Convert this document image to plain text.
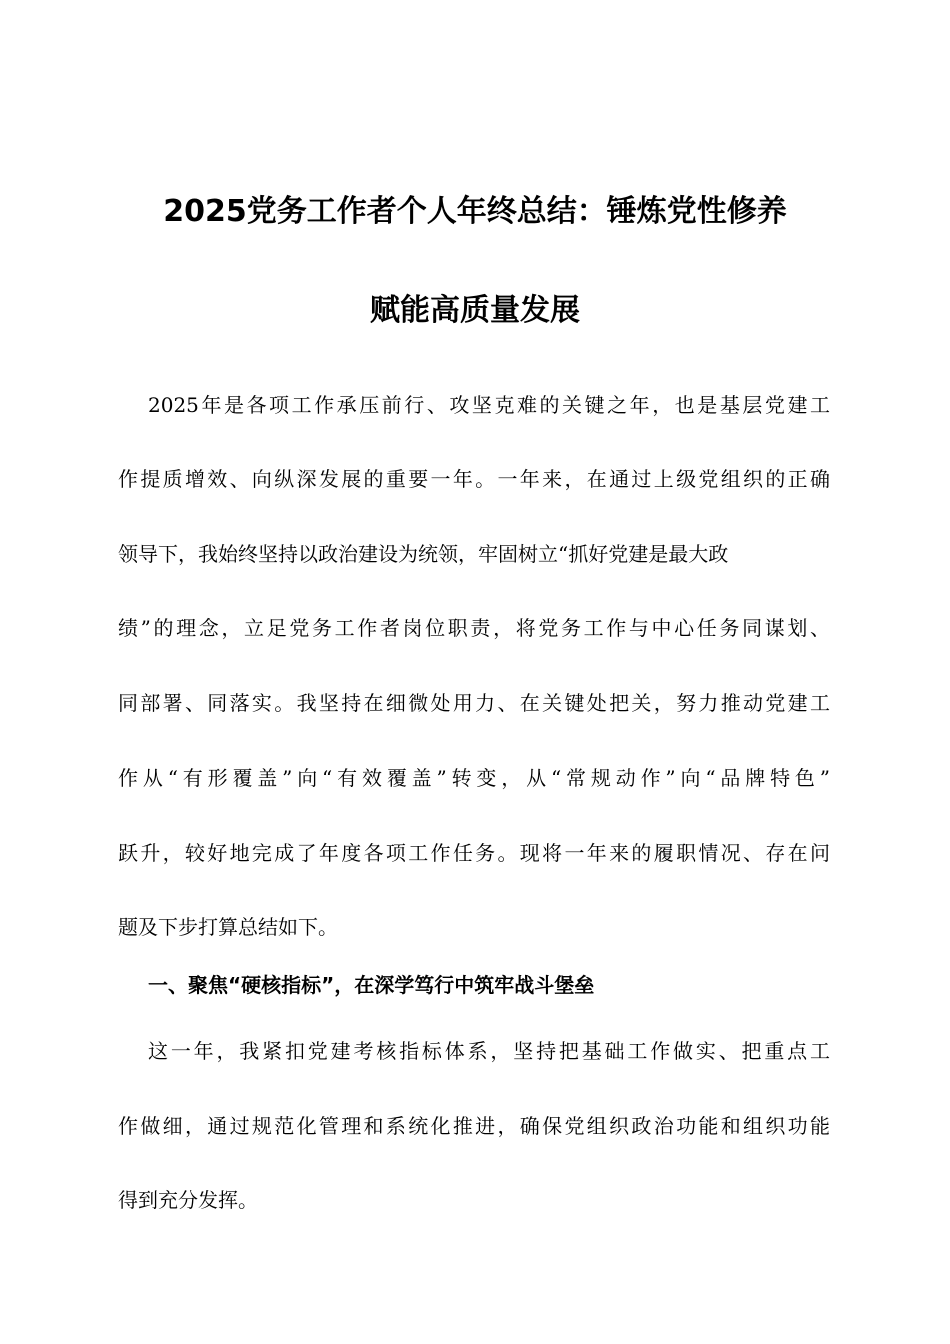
2025党务工作者个人年终总结：锤炼党性修养
赋能高质量发展
2025年是各项工作承压前行、攻坚克难的关键之年，也是基层党建工
作提质增效、向纵深发展的重要一年。一年来，在通过上级党组织的正确
领导下，我始终坚持以政治建设为统领，牢固树立“抓好党建是最大政
绩”的理念，立足党务工作者岗位职责，将党务工作与中心任务同谋划、
同部署、同落实。我坚持在细微处用力、在关键处把关，努力推动党建工
作从“有形覆盖”向“有效覆盖”转变，从“常规动作”向“品牌特色”
跃升，较好地完成了年度各项工作任务。现将一年来的履职情况、存在问
题及下步打算总结如下。
一、聚焦“硬核指标”，在深学笃行中筑牢战斗堡垒
这一年，我紧扣党建考核指标体系，坚持把基础工作做实、把重点工
作做细，通过规范化管理和系统化推进，确保党组织政治功能和组织功能
得到充分发挥。
